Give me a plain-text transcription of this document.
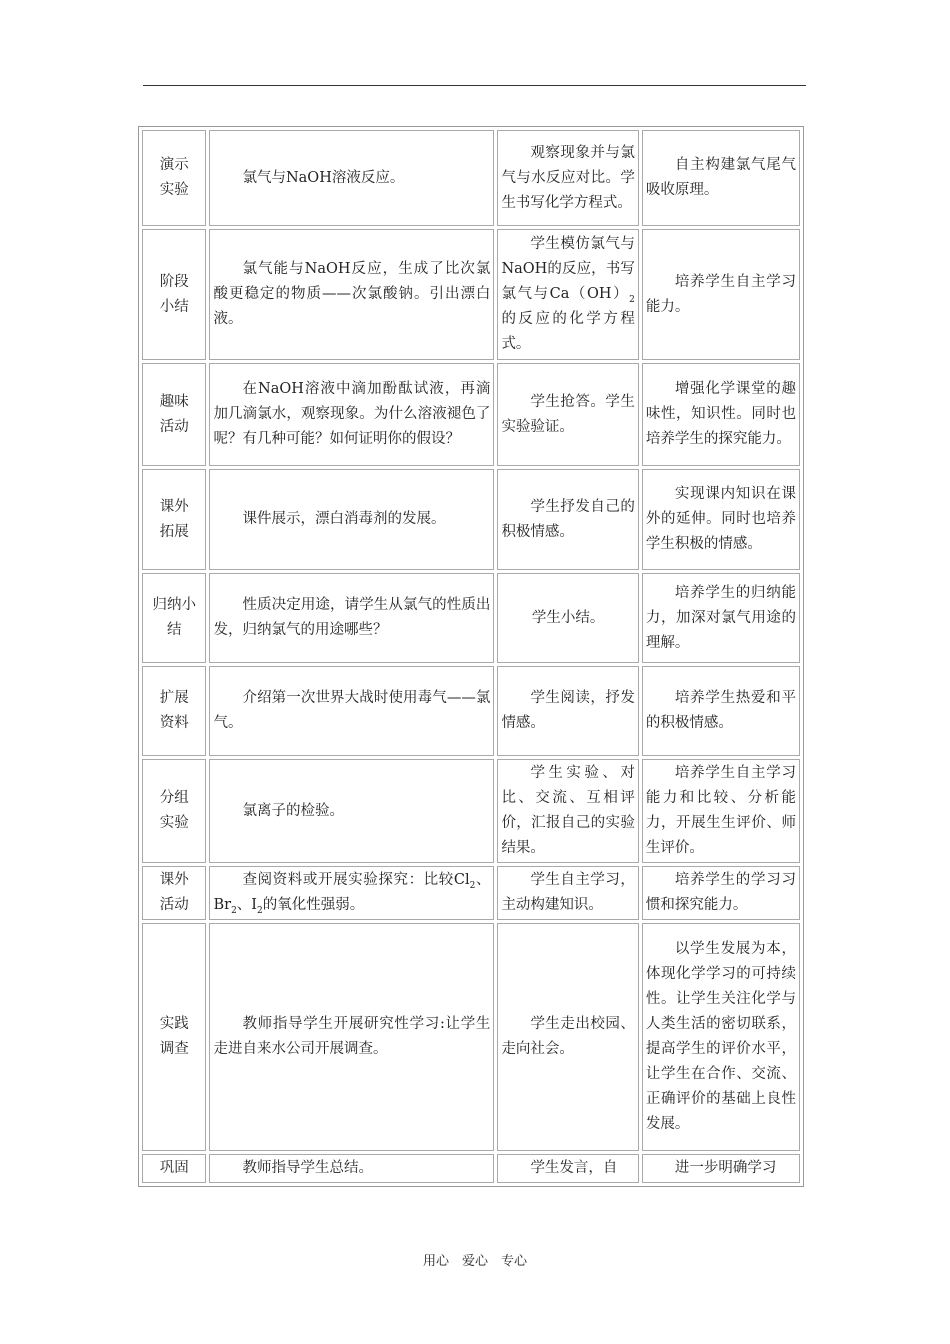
演示
实验	氯气与NaOH溶液反应。	观察现象并与氯气与水反应对比。学生书写化学方程式。	自主构建氯气尾气吸收原理。
阶段
小结	氯气能与NaOH反应，生成了比次氯酸更稳定的物质——次氯酸钠。引出漂白液。	学生模仿氯气与NaOH的反应，书写氯气与$Ca(OH)_2$的反应的化学方程式。	培养学生自主学习能力。
趣味
活动	在NaOH溶液中滴加酚酞试液，再滴加几滴氯水，观察现象。为什么溶液褪色了呢？有几种可能？如何证明你的假设？	学生抢答。学生实验验证。	增强化学课堂的趣味性，知识性。同时也培养学生的探究能力。
课外
拓展	课件展示，漂白消毒剂的发展。	学生抒发自己的积极情感。	实现课内知识在课外的延伸。同时也培养学生积极的情感。
归纳小
结	性质决定用途，请学生从氯气的性质出发，归纳氯气的用途哪些？	学生小结。	培养学生的归纳能力，加深对氯气用途的理解。
扩展
资料	介绍第一次世界大战时使用毒气——氯气。	学生阅读，抒发情感。	培养学生热爱和平的积极情感。
分组
实验	氯离子的检验。	学生实验、对比、交流、互相评价，汇报自己的实验结果。	培养学生自主学习能力和比较、分析能力，开展生生评价、师生评价。
课外
活动	查阅资料或开展实验探究：比较$Cl_2$、$Br_2$、$I_2$的氧化性强弱。	学生自主学习，主动构建知识。	培养学生的学习习惯和探究能力。
实践
调查	教师指导学生开展研究性学习:让学生走进自来水公司开展调查。	学生走出校园、走向社会。	以学生发展为本，体现化学学习的可持续性。让学生关注化学与人类生活的密切联系，提高学生的评价水平，让学生在合作、交流、正确评价的基础上良性发展。
巩固	教师指导学生总结。	学生发言，自	进一步明确学习
用心　爱心　专心
